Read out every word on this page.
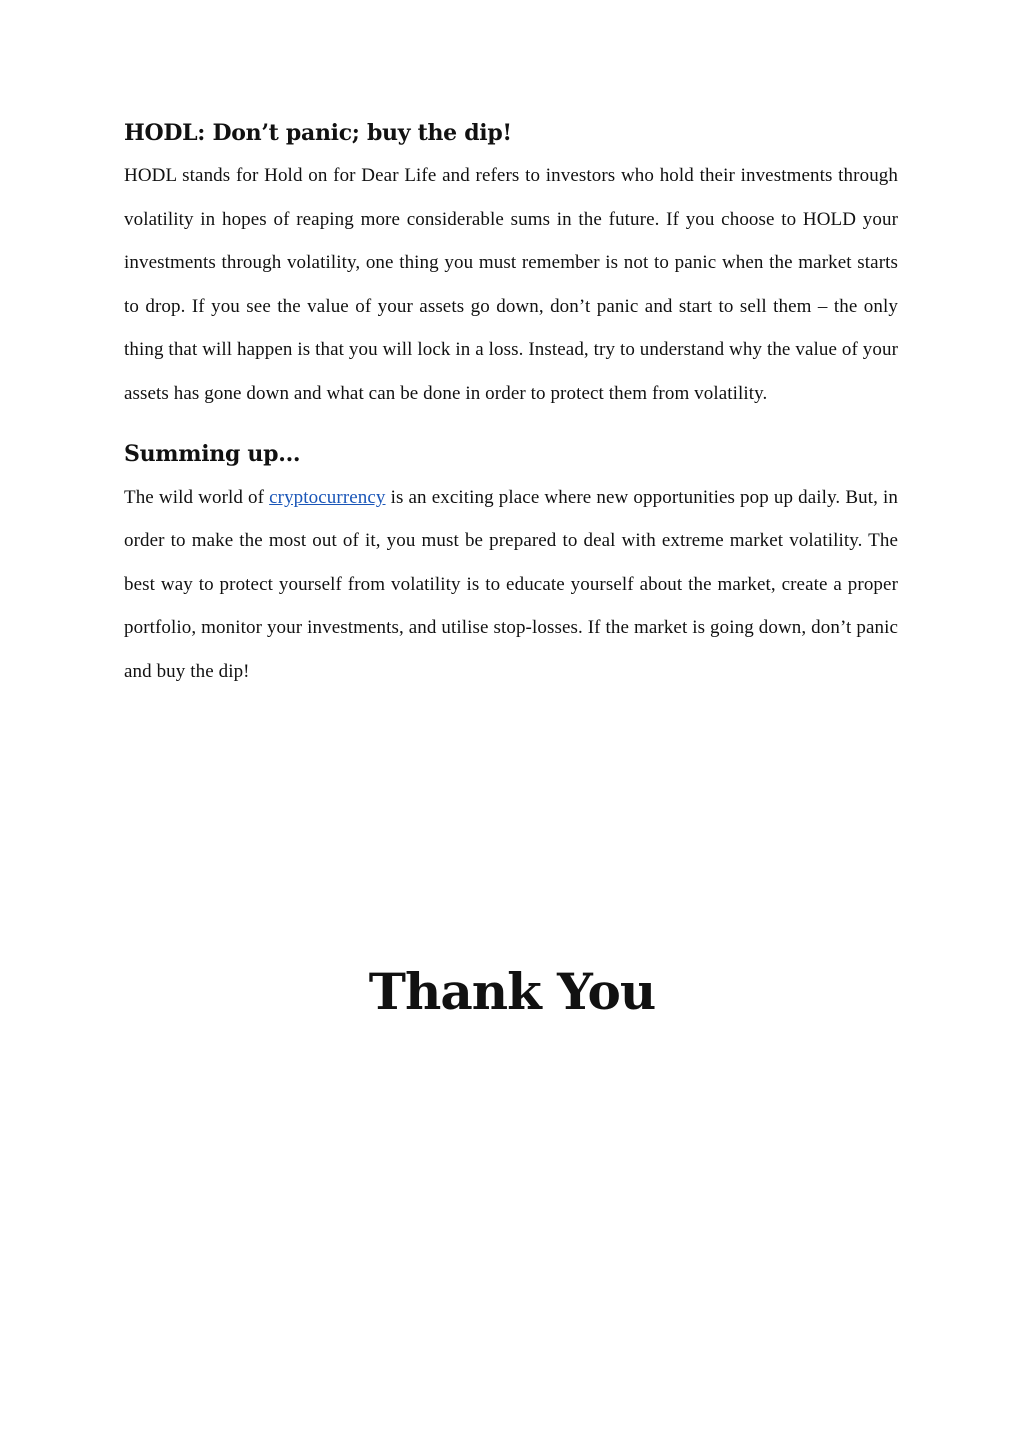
HODL: Don’t panic; buy the dip!

HODL stands for Hold on for Dear Life and refers to investors who hold their investments through volatility in hopes of reaping more considerable sums in the future. If you choose to HOLD your investments through volatility, one thing you must remember is not to panic when the market starts to drop. If you see the value of your assets go down, don’t panic and start to sell them – the only thing that will happen is that you will lock in a loss. Instead, try to understand why the value of your assets has gone down and what can be done in order to protect them from volatility.

Summing up...

The wild world of cryptocurrency is an exciting place where new opportunities pop up daily. But, in order to make the most out of it, you must be prepared to deal with extreme market volatility. The best way to protect yourself from volatility is to educate yourself about the market, create a proper portfolio, monitor your investments, and utilise stop-losses. If the market is going down, don’t panic and buy the dip!

Thank You
